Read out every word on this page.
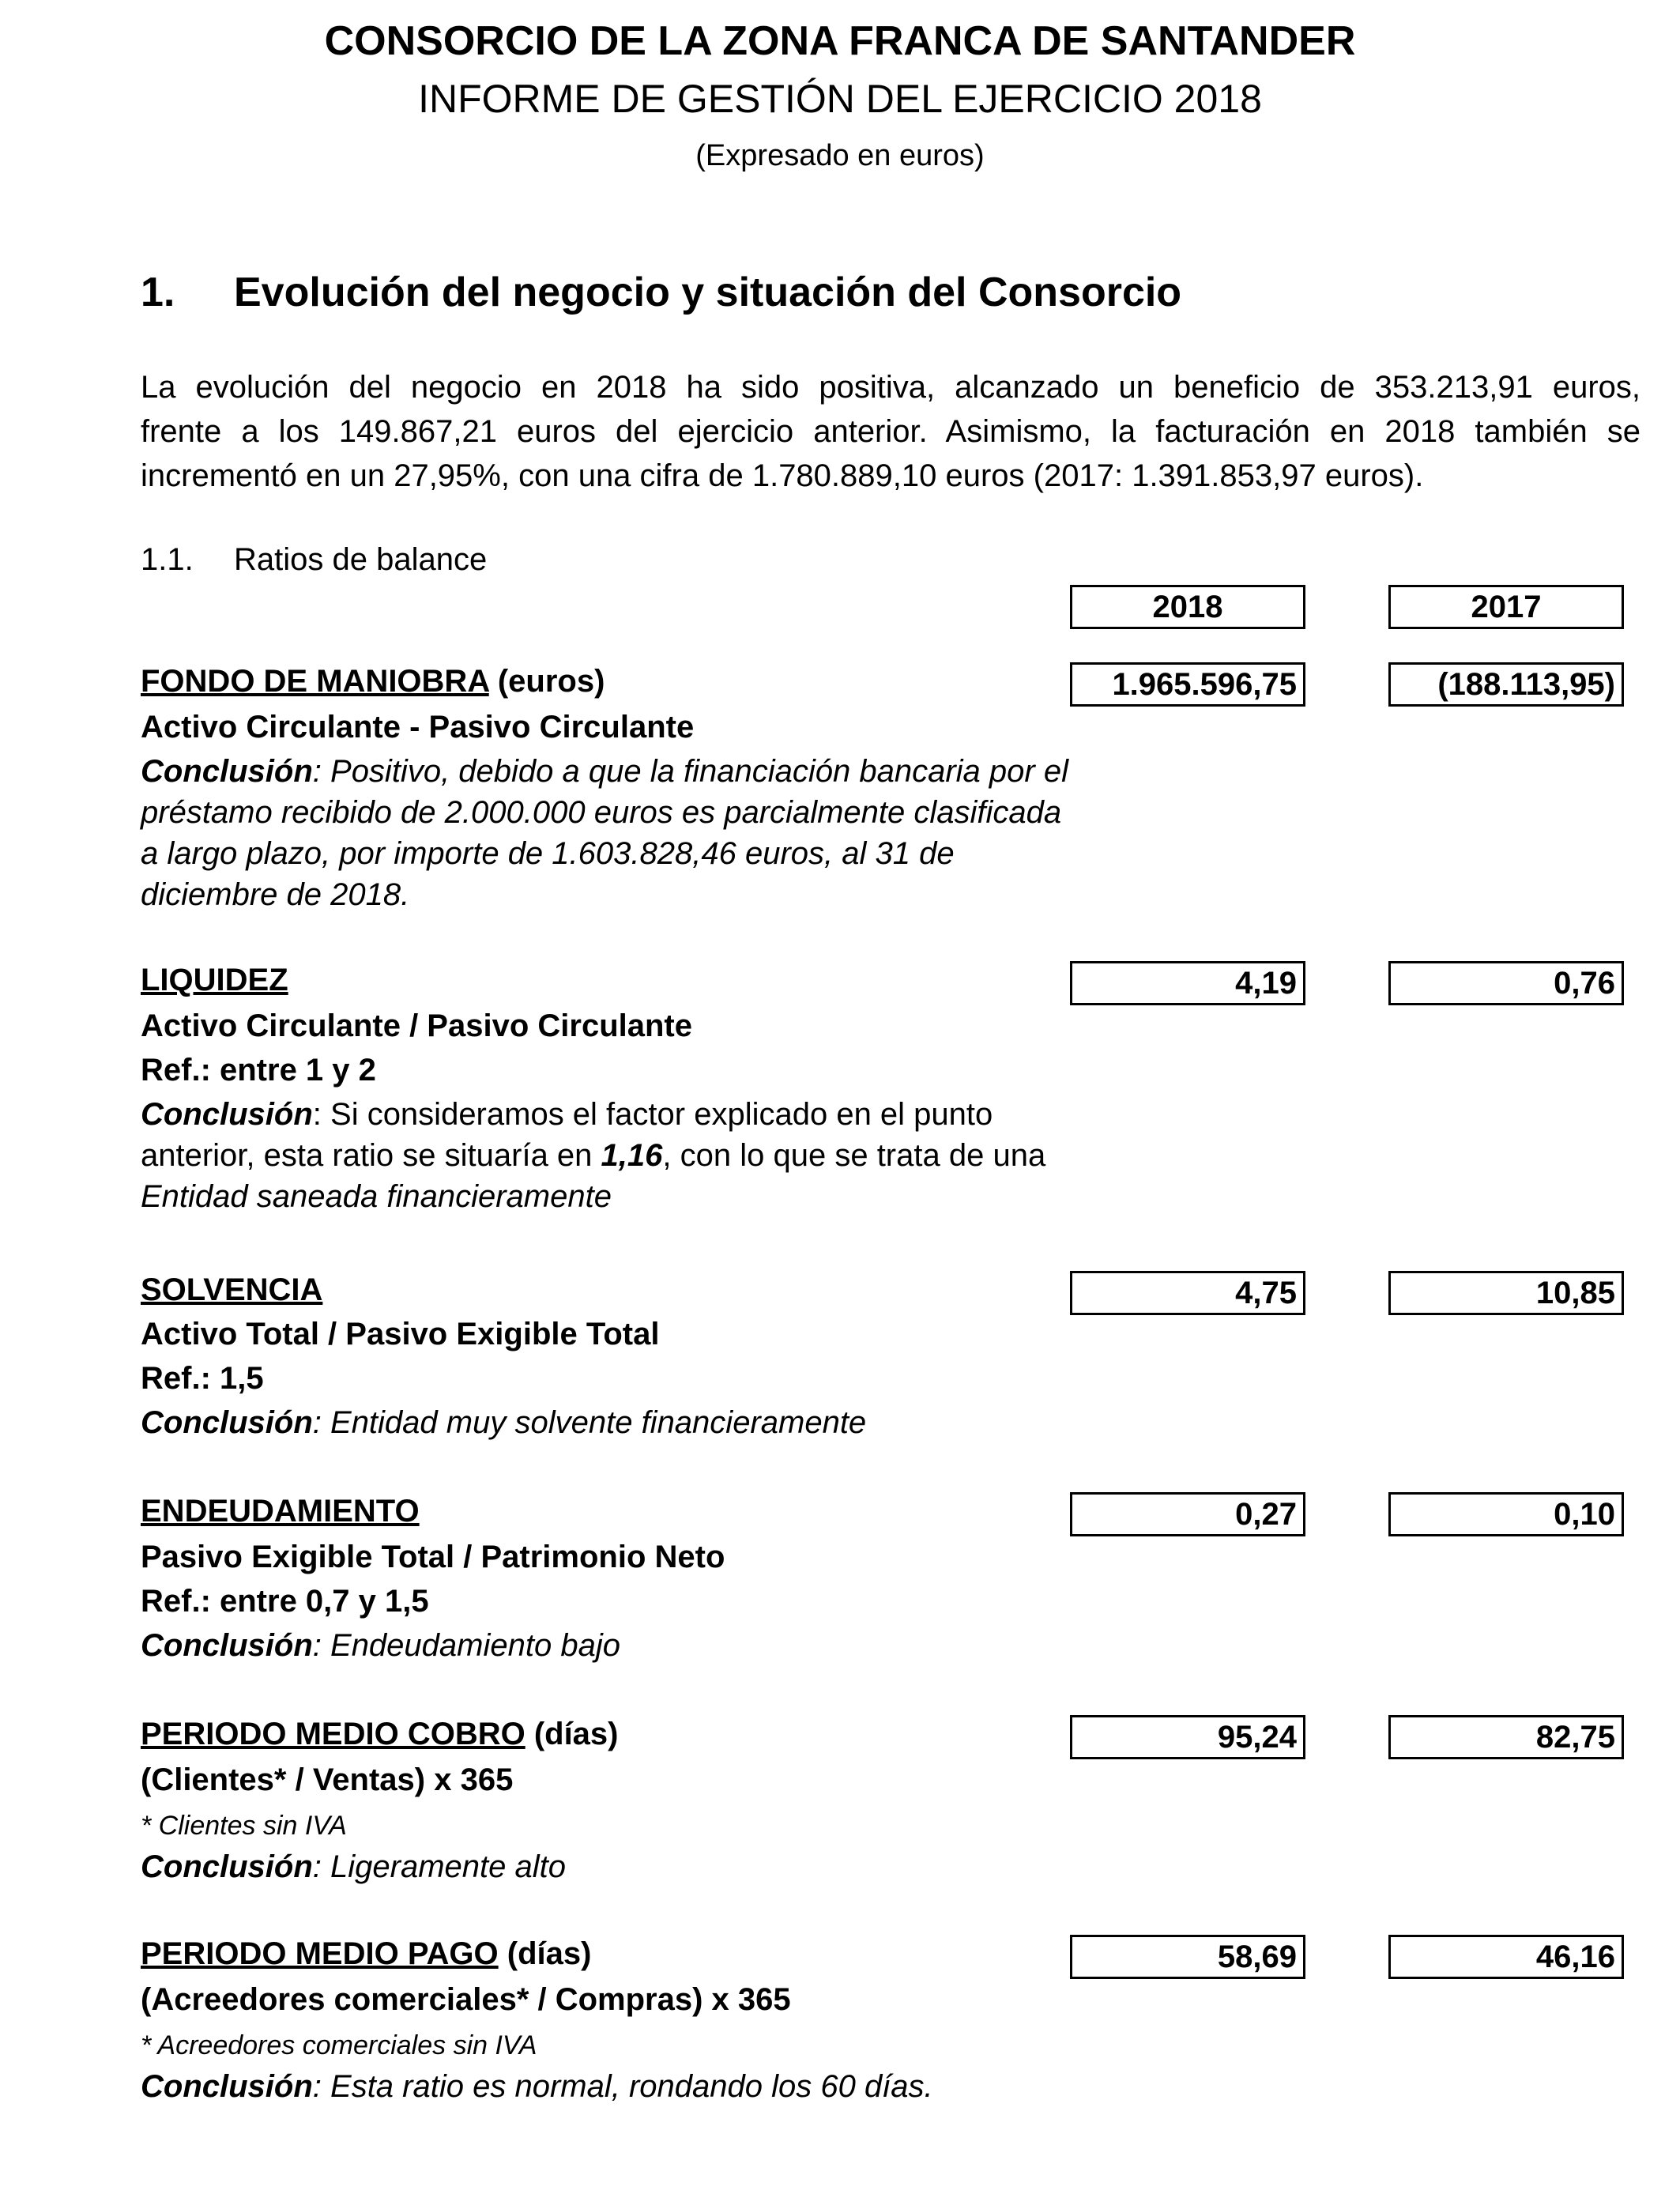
CONSORCIO DE LA ZONA FRANCA DE SANTANDER
INFORME DE GESTIÓN DEL EJERCICIO 2018
(Expresado en euros)
1. Evolución del negocio y situación del Consorcio
La evolución del negocio en 2018 ha sido positiva, alcanzado un beneficio de 353.213,91 euros,
frente a los 149.867,21 euros del ejercicio anterior. Asimismo, la facturación en 2018 también se
incrementó en un 27,95%, con una cifra de 1.780.889,10 euros (2017: 1.391.853,97 euros).
1.1. Ratios de balance
2018	2017
FONDO DE MANIOBRA (euros)	1.965.596,75	(188.113,95)
Activo Circulante - Pasivo Circulante
Conclusión: Positivo, debido a que la financiación bancaria por el préstamo recibido de 2.000.000 euros es parcialmente clasificada a largo plazo, por importe de 1.603.828,46 euros, al 31 de diciembre de 2018.
LIQUIDEZ	4,19	0,76
Activo Circulante / Pasivo Circulante
Ref.: entre 1 y 2
Conclusión: Si consideramos el factor explicado en el punto anterior, esta ratio se situaría en 1,16, con lo que se trata de una Entidad saneada financieramente
SOLVENCIA	4,75	10,85
Activo Total / Pasivo Exigible Total
Ref.: 1,5
Conclusión: Entidad muy solvente financieramente
ENDEUDAMIENTO	0,27	0,10
Pasivo Exigible Total / Patrimonio Neto
Ref.: entre 0,7 y 1,5
Conclusión: Endeudamiento bajo
PERIODO MEDIO COBRO (días)	95,24	82,75
(Clientes* / Ventas) x 365
* Clientes sin IVA
Conclusión: Ligeramente alto
PERIODO MEDIO PAGO (días)	58,69	46,16
(Acreedores comerciales* / Compras) x 365
* Acreedores comerciales sin IVA
Conclusión: Esta ratio es normal, rondando los 60 días.
